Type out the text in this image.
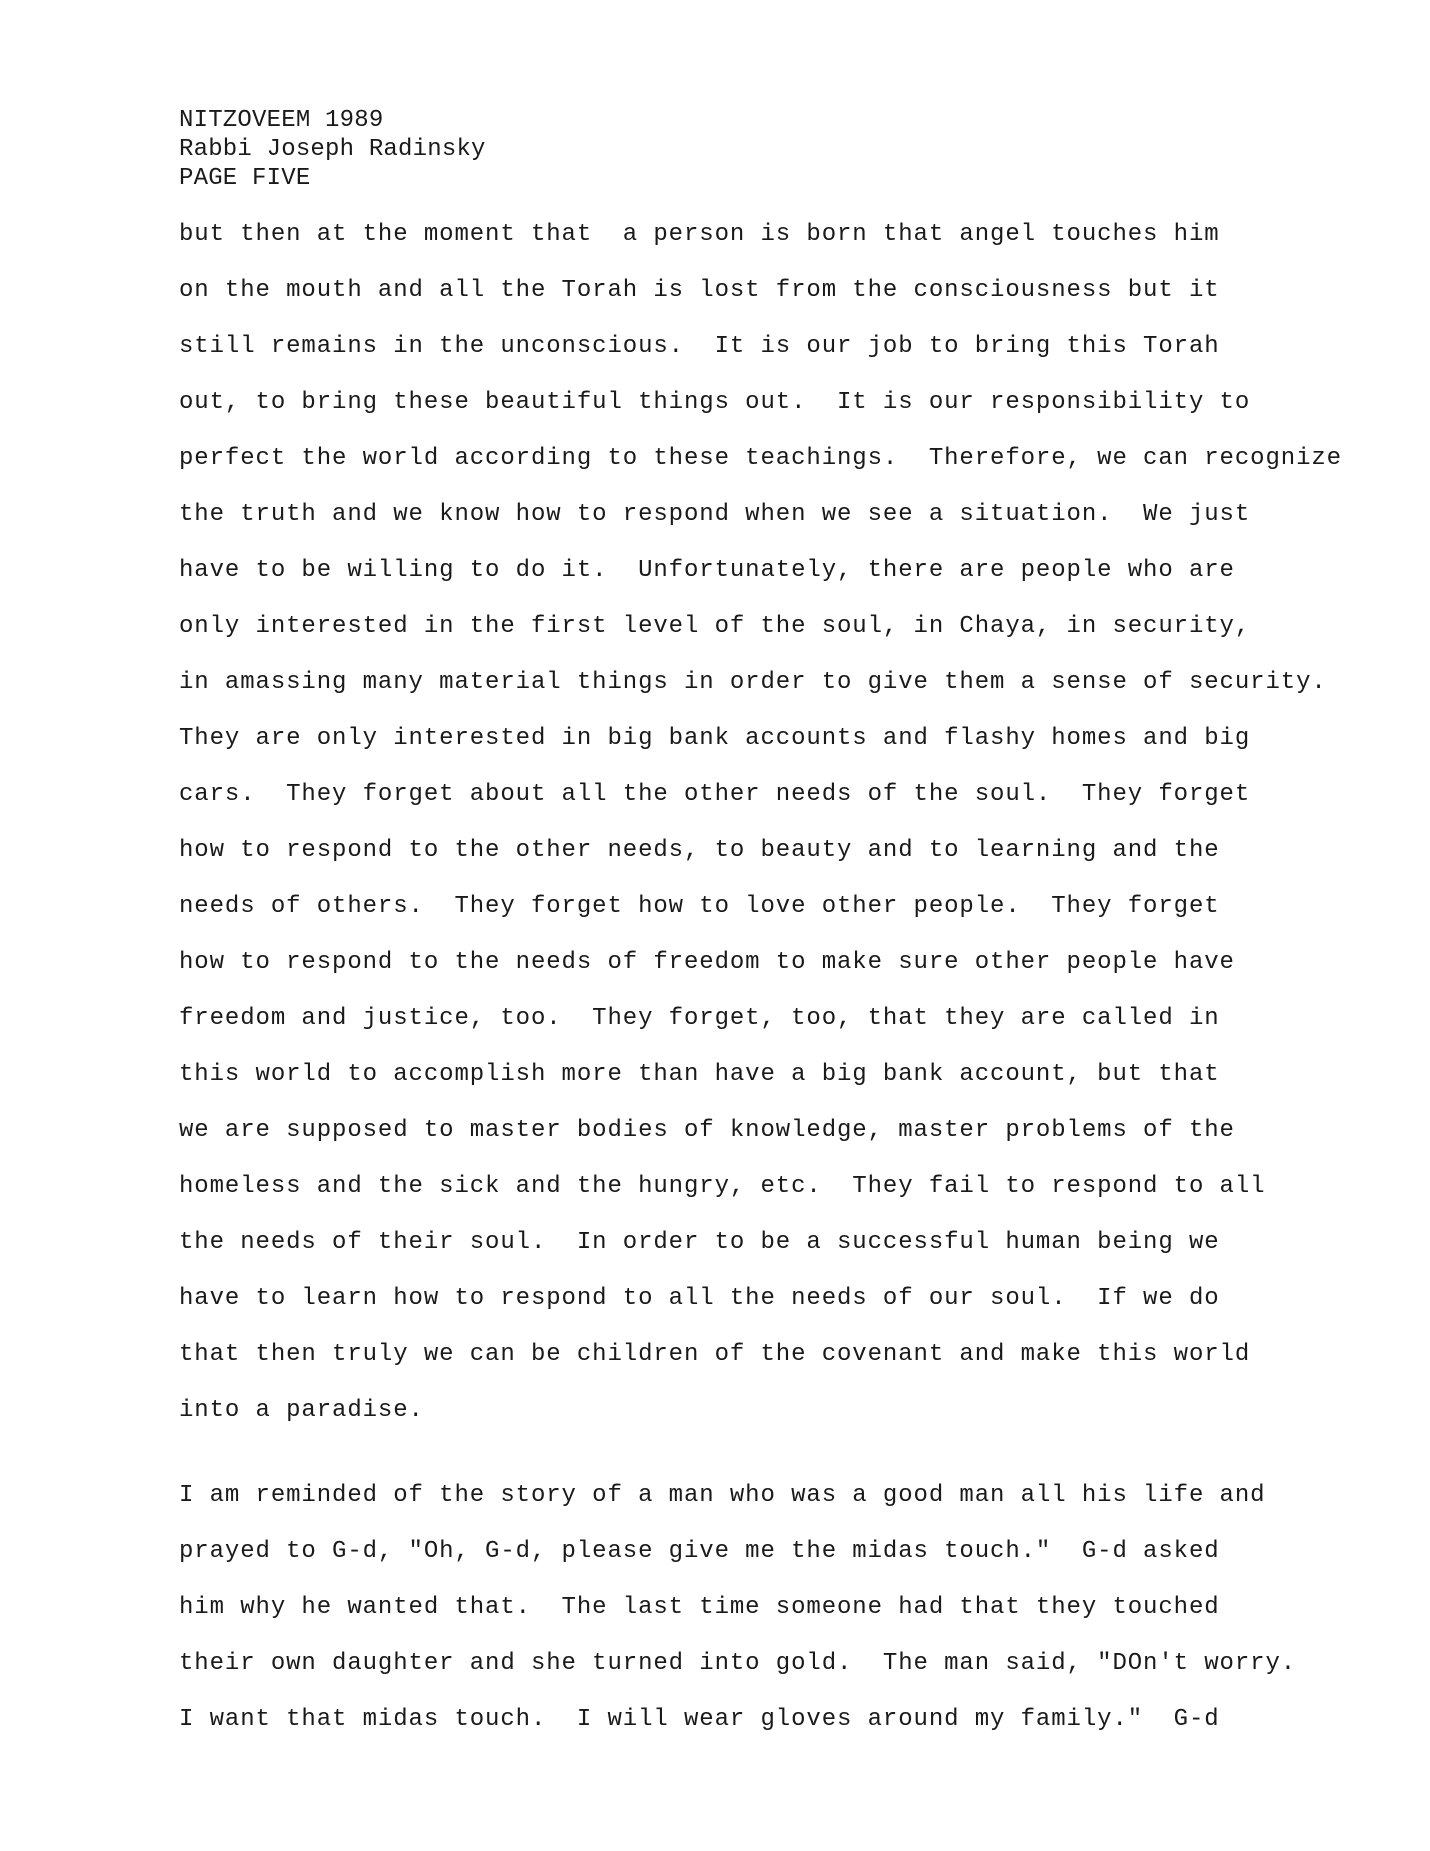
NITZOVEEM 1989
Rabbi Joseph Radinsky
PAGE FIVE
but then at the moment that  a person is born that angel touches him
on the mouth and all the Torah is lost from the consciousness but it
still remains in the unconscious.  It is our job to bring this Torah
out, to bring these beautiful things out.  It is our responsibility to
perfect the world according to these teachings.  Therefore, we can recognize
the truth and we know how to respond when we see a situation.  We just
have to be willing to do it.  Unfortunately, there are people who are
only interested in the first level of the soul, in Chaya, in security,
in amassing many material things in order to give them a sense of security.
They are only interested in big bank accounts and flashy homes and big
cars.  They forget about all the other needs of the soul.  They forget
how to respond to the other needs, to beauty and to learning and the
needs of others.  They forget how to love other people.  They forget
how to respond to the needs of freedom to make sure other people have
freedom and justice, too.  They forget, too, that they are called in
this world to accomplish more than have a big bank account, but that
we are supposed to master bodies of knowledge, master problems of the
homeless and the sick and the hungry, etc.  They fail to respond to all
the needs of their soul.  In order to be a successful human being we
have to learn how to respond to all the needs of our soul.  If we do
that then truly we can be children of the covenant and make this world
into a paradise.
I am reminded of the story of a man who was a good man all his life and
prayed to G-d, "Oh, G-d, please give me the midas touch."  G-d asked
him why he wanted that.  The last time someone had that they touched
their own daughter and she turned into gold.  The man said, "DOn't worry.
I want that midas touch.  I will wear gloves around my family."  G-d
